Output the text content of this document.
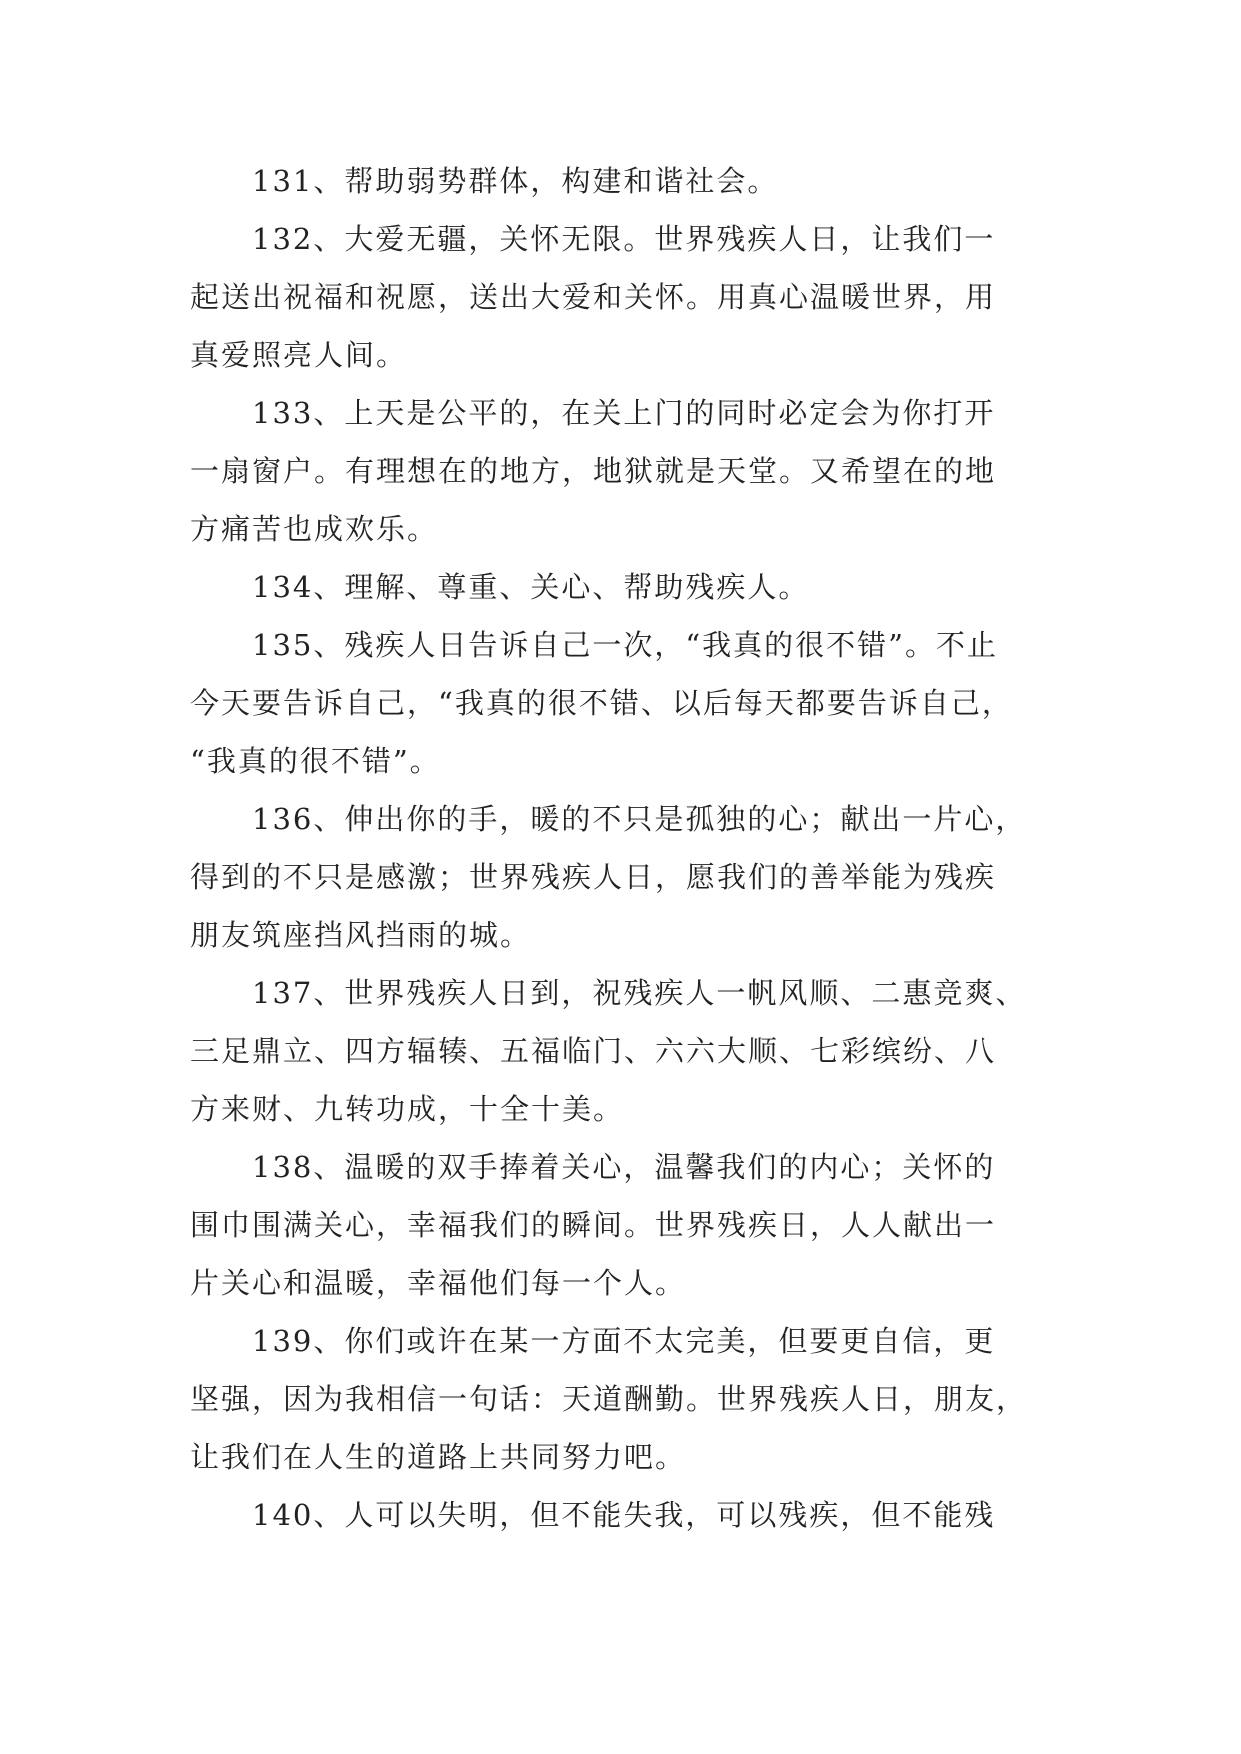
131、帮助弱势群体，构建和谐社会。
132、大爱无疆，关怀无限。世界残疾人日，让我们一
起送出祝福和祝愿，送出大爱和关怀。用真心温暖世界，用
真爱照亮人间。
133、上天是公平的，在关上门的同时必定会为你打开
一扇窗户。有理想在的地方，地狱就是天堂。又希望在的地
方痛苦也成欢乐。
134、理解、尊重、关心、帮助残疾人。
135、残疾人日告诉自己一次，“我真的很不错”。不止
今天要告诉自己，“我真的很不错、以后每天都要告诉自己，
“我真的很不错”。
136、伸出你的手，暖的不只是孤独的心；献出一片心，
得到的不只是感激；世界残疾人日，愿我们的善举能为残疾
朋友筑座挡风挡雨的城。
137、世界残疾人日到，祝残疾人一帆风顺、二惠竞爽、
三足鼎立、四方辐辏、五福临门、六六大顺、七彩缤纷、八
方来财、九转功成，十全十美。
138、温暖的双手捧着关心，温馨我们的内心；关怀的
围巾围满关心，幸福我们的瞬间。世界残疾日，人人献出一
片关心和温暖，幸福他们每一个人。
139、你们或许在某一方面不太完美，但要更自信，更
坚强，因为我相信一句话：天道酬勤。世界残疾人日，朋友，
让我们在人生的道路上共同努力吧。
140、人可以失明，但不能失我，可以残疾，但不能残
